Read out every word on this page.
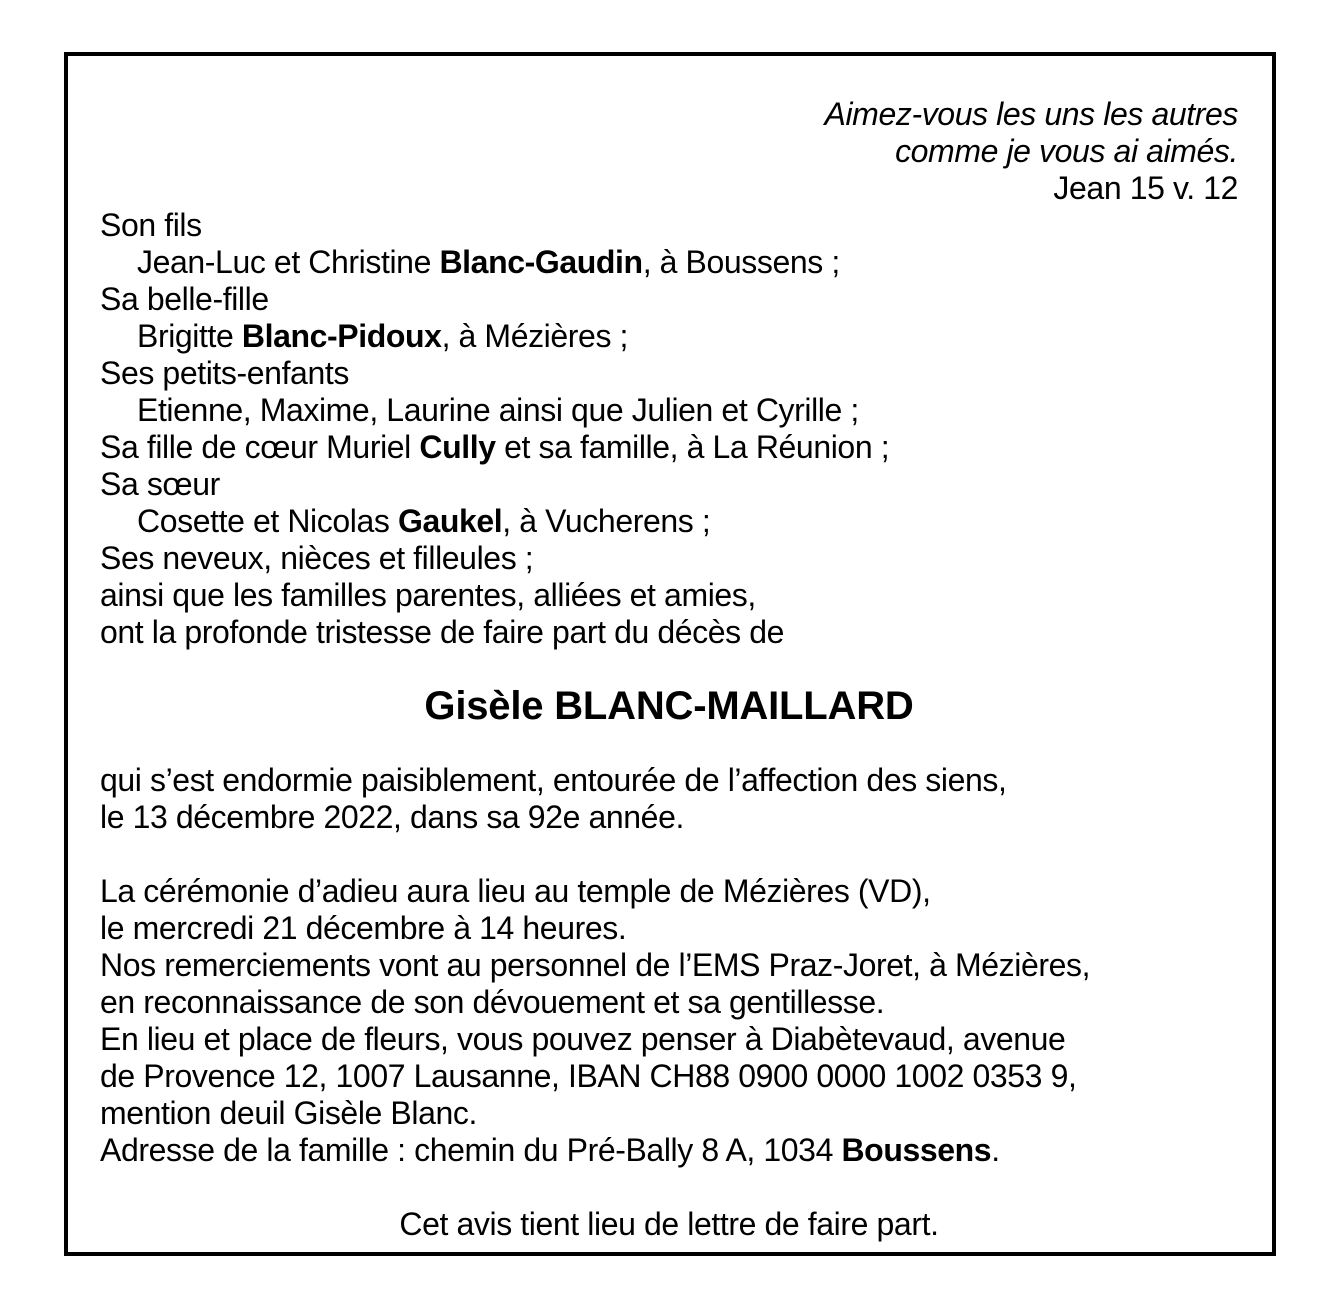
Aimez-vous les uns les autres
comme je vous ai aimés.
Jean 15 v. 12
Son fils
Jean-Luc et Christine Blanc-Gaudin, à Boussens ;
Sa belle-fille
Brigitte Blanc-Pidoux, à Mézières ;
Ses petits-enfants
Etienne, Maxime, Laurine ainsi que Julien et Cyrille ;
Sa fille de cœur Muriel Cully et sa famille, à La Réunion ;
Sa sœur
Cosette et Nicolas Gaukel, à Vucherens ;
Ses neveux, nièces et filleules ;
ainsi que les familles parentes, alliées et amies,
ont la profonde tristesse de faire part du décès de
Gisèle BLANC-MAILLARD
qui s’est endormie paisiblement, entourée de l’affection des siens,
le 13 décembre 2022, dans sa 92e année.
La cérémonie d’adieu aura lieu au temple de Mézières (VD),
le mercredi 21 décembre à 14 heures.
Nos remerciements vont au personnel de l’EMS Praz-Joret, à Mézières,
en reconnaissance de son dévouement et sa gentillesse.
En lieu et place de fleurs, vous pouvez penser à Diabètevaud, avenue
de Provence 12, 1007 Lausanne, IBAN CH88 0900 0000 1002 0353 9,
mention deuil Gisèle Blanc.
Adresse de la famille : chemin du Pré-Bally 8 A, 1034 Boussens.
Cet avis tient lieu de lettre de faire part.
